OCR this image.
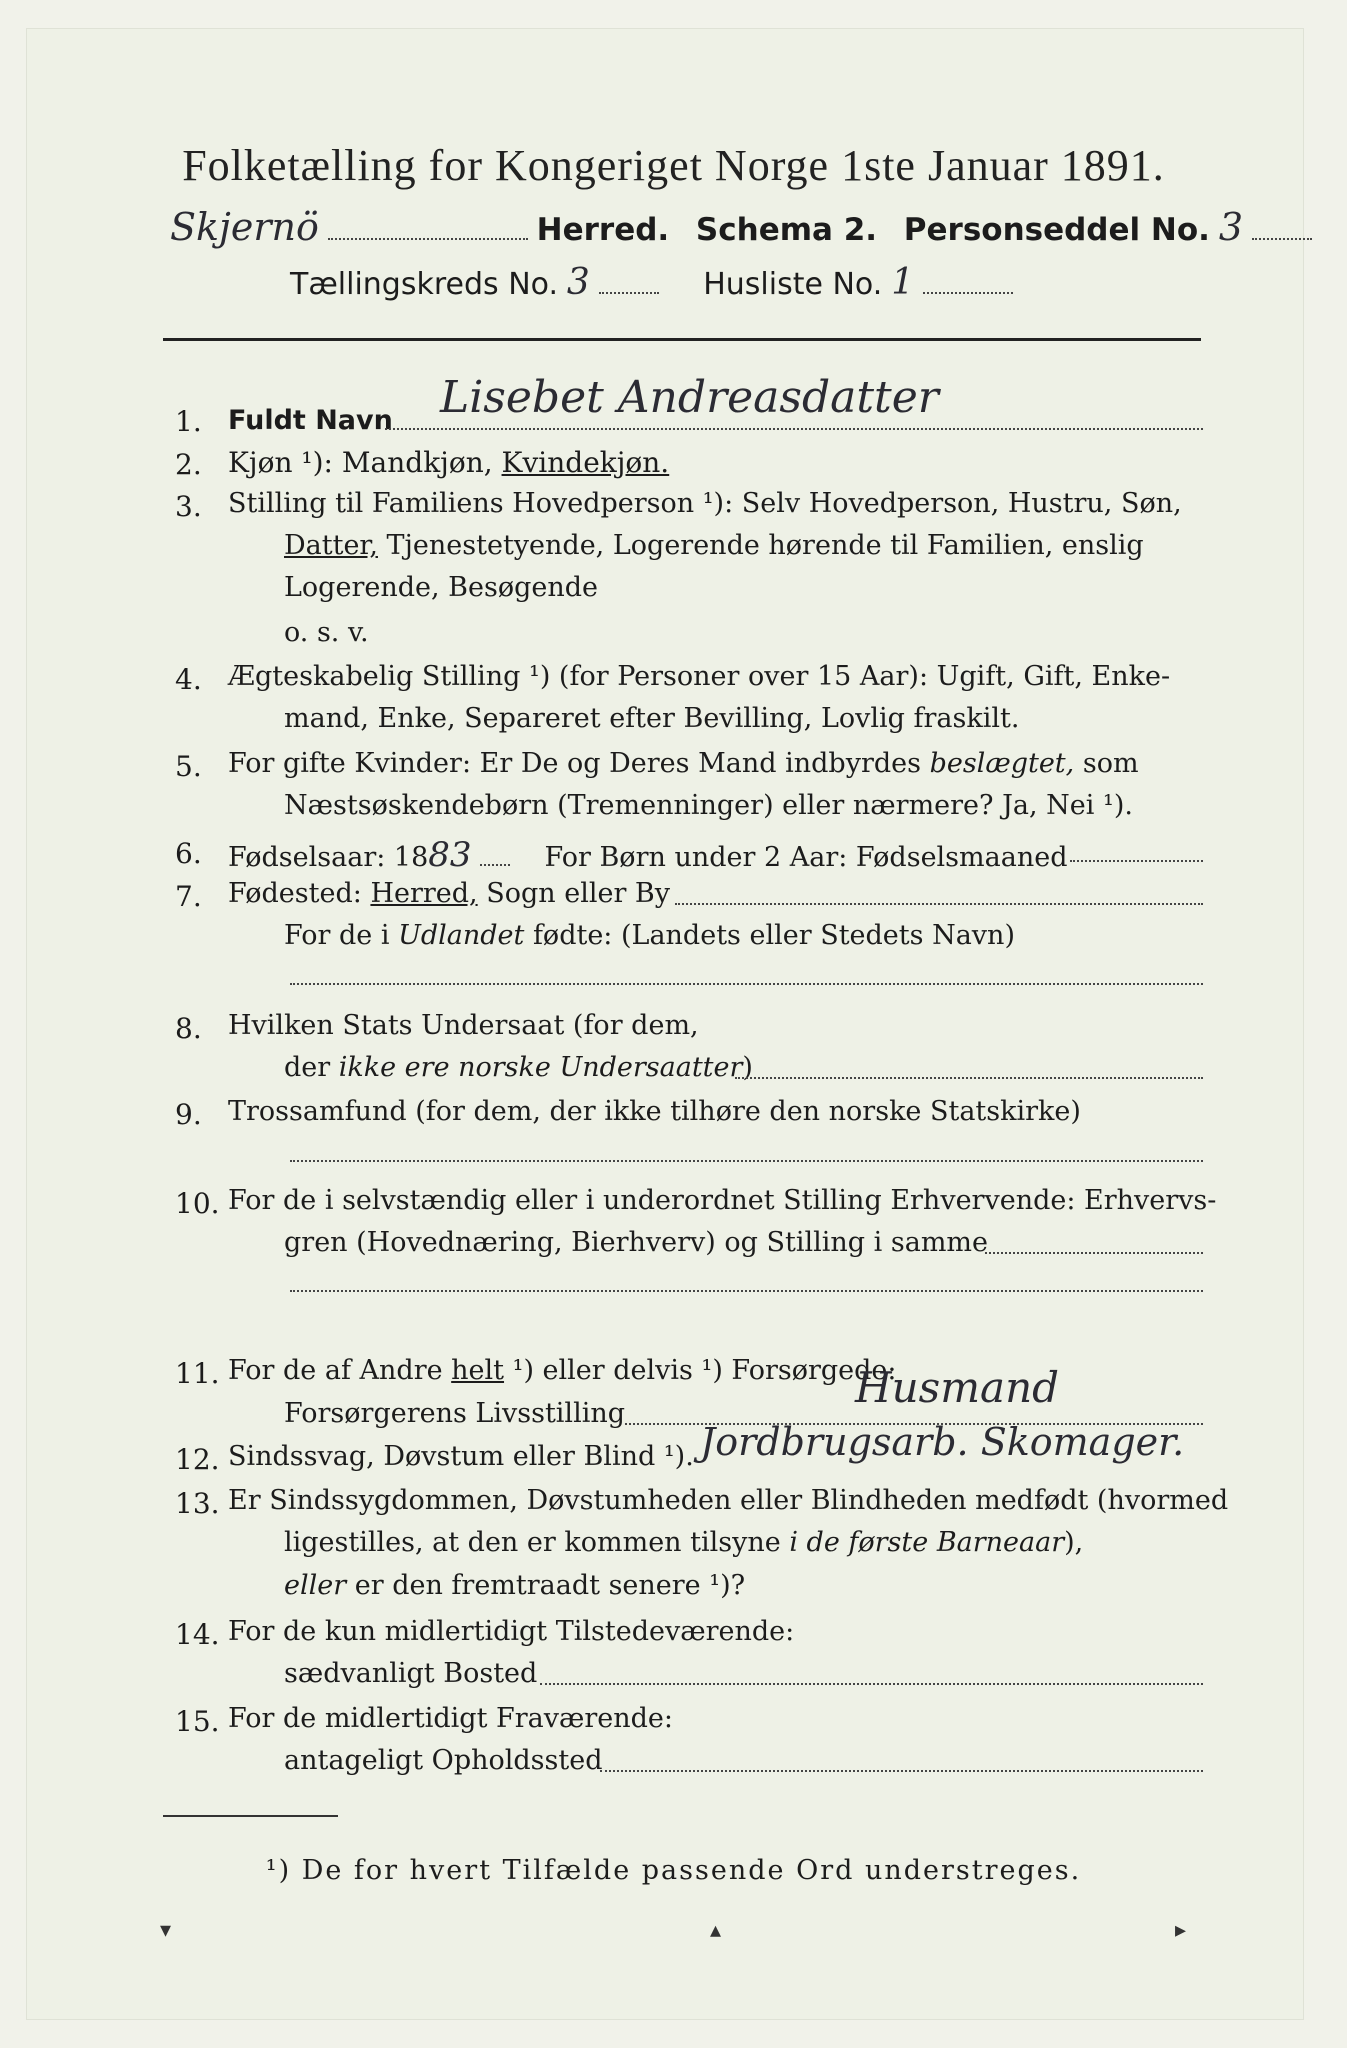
Folketælling for Kongeriget Norge 1ste Januar 1891.
Skjernö	Herred. Schema 2. Personseddel No. 3
Tællingskreds No. 3	Husliste No. 1
1. Fuldt Navn Lisebet Andreasdatter
2. Kjøn ¹): Mandkjøn, Kvindekjøn.
3. Stilling til Familiens Hovedperson ¹): Selv Hovedperson, Hustru, Søn,
Datter, Tjenestetyende, Logerende hørende til Familien, enslig
Logerende, Besøgende
o. s. v.
4. Ægteskabelig Stilling ¹) (for Personer over 15 Aar): Ugift, Gift, Enke-
mand, Enke, Separeret efter Bevilling, Lovlig fraskilt.
5. For gifte Kvinder: Er De og Deres Mand indbyrdes beslægtet, som
Næstsøskendebørn (Tremenninger) eller nærmere? Ja, Nei ¹).
6. Fødselsaar: 1883	For Børn under 2 Aar: Fødselsmaaned
7. Fødested: Herred, Sogn eller By
For de i Udlandet fødte: (Landets eller Stedets Navn)
8. Hvilken Stats Undersaat (for dem,
der ikke ere norske Undersaatter)
9. Trossamfund (for dem, der ikke tilhøre den norske Statskirke)
10. For de i selvstændig eller i underordnet Stilling Erhvervende: Erhvervs-
gren (Hovednæring, Bierhverv) og Stilling i samme
11. For de af Andre helt ¹) eller delvis ¹) Forsørgede:
Forsørgerens Livsstilling
Husmand
12. Sindssvag, Døvstum eller Blind ¹). Jordbrugsarb. Skomager.
13. Er Sindssygdommen, Døvstumheden eller Blindheden medfødt (hvormed
ligestilles, at den er kommen tilsyne i de første Barneaar),
eller er den fremtraadt senere ¹)?
14. For de kun midlertidigt Tilstedeværende:
sædvanligt Bosted
15. For de midlertidigt Fraværende:
antageligt Opholdssted
¹) De for hvert Tilfælde passende Ord understreges.
▾	▴	▸
